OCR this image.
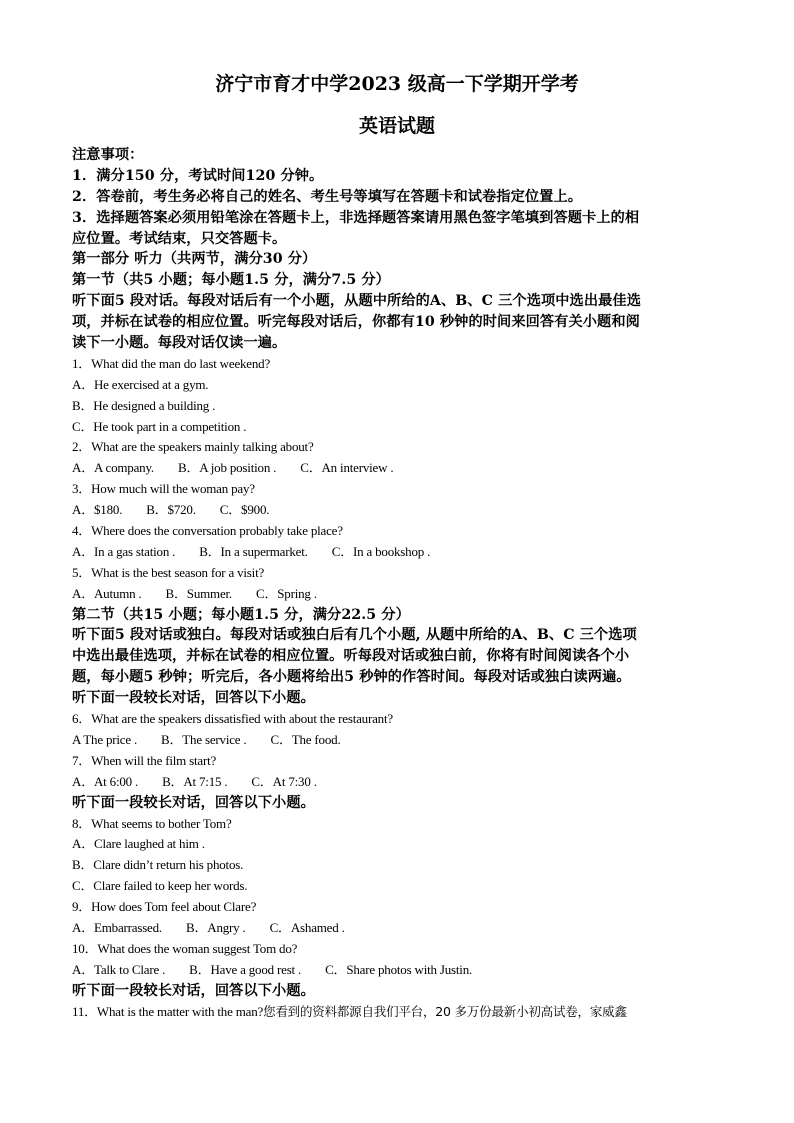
济宁市育才中学2023 级高一下学期开学考
英语试题
注意事项：
1．满分150 分，考试时间120 分钟。
2．答卷前，考生务必将自己的姓名、考生号等填写在答题卡和试卷指定位置上。
3．选择题答案必须用铅笔涂在答题卡上，非选择题答案请用黑色签字笔填到答题卡上的相
应位置。考试结束，只交答题卡。
第一部分 听力（共两节，满分30 分）
第一节（共5 小题；每小题1.5 分，满分7.5 分）
听下面5 段对话。每段对话后有一个小题，从题中所给的A、B、C 三个选项中选出最佳选
项，并标在试卷的相应位置。听完每段对话后，你都有10 秒钟的时间来回答有关小题和阅
读下一小题。每段对话仅读一遍。
1．What did the man do last weekend?
A．He exercised at a gym.
B．He designed a building .
C．He took part in a competition .
2．What are the speakers mainly talking about?
A．A company. B．A job position . C．An interview .
3．How much will the woman pay?
A．$180. B．$720. C．$900.
4．Where does the conversation probably take place?
A．In a gas station . B．In a supermarket. C．In a bookshop .
5．What is the best season for a visit?
A．Autumn . B．Summer. C．Spring .
第二节（共15 小题；每小题1.5 分，满分22.5 分）
听下面5 段对话或独白。每段对话或独白后有几个小题, 从题中所给的A、B、C 三个选项
中选出最佳选项，并标在试卷的相应位置。听每段对话或独白前，你将有时间阅读各个小
题，每小题5 秒钟；听完后，各小题将给出5 秒钟的作答时间。每段对话或独白读两遍。
听下面一段较长对话，回答以下小题。
6．What are the speakers dissatisfied with about the restaurant?
A The price . B．The service . C．The food.
7．When will the film start?
A．At 6:00 . B．At 7:15 . C．At 7:30 .
听下面一段较长对话，回答以下小题。
8．What seems to bother Tom?
A．Clare laughed at him .
B．Clare didn’t return his photos.
C．Clare failed to keep her words.
9．How does Tom feel about Clare?
A．Embarrassed. B．Angry . C．Ashamed .
10．What does the woman suggest Tom do?
A．Talk to Clare . B．Have a good rest . C．Share photos with Justin.
听下面一段较长对话，回答以下小题。
11．What is the matter with the man?您看到的资料都源自我们平台，20 多万份最新小初高试卷，家威鑫
